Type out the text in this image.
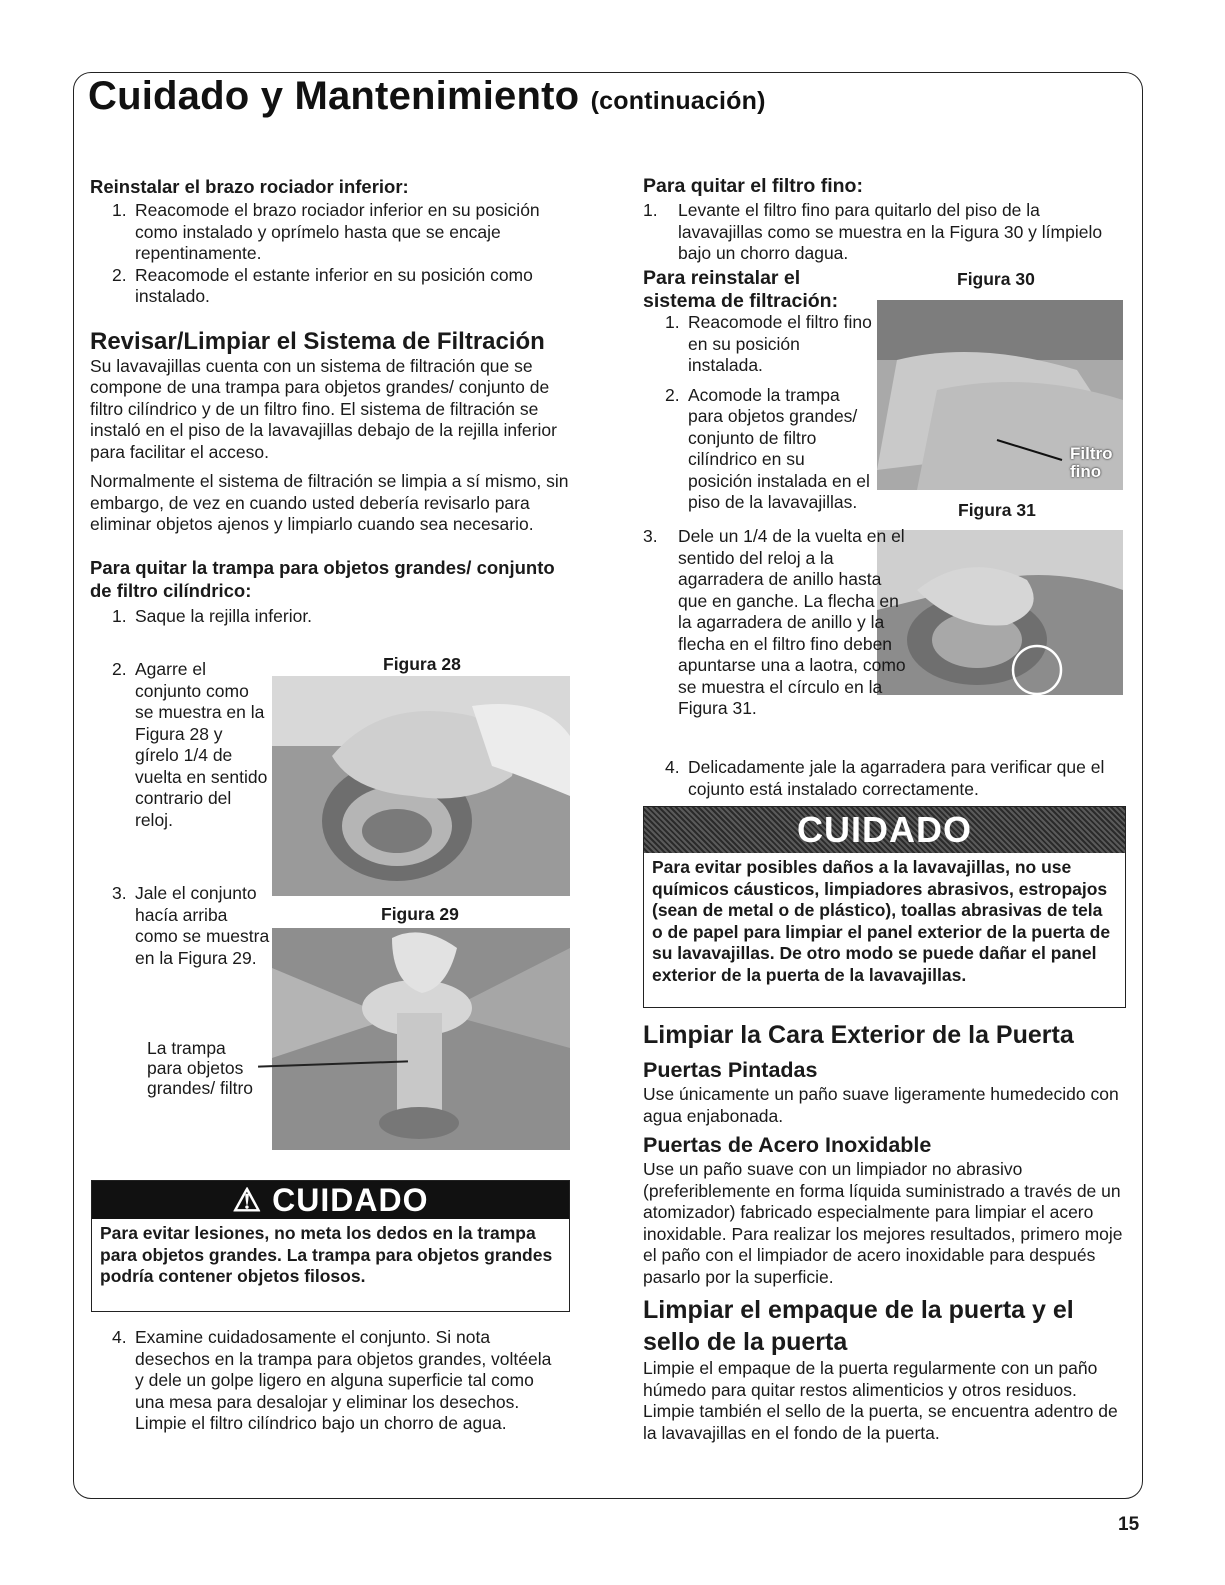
Cuidado y Mantenimiento (continuación)

Reinstalar el brazo rociador inferior:

1. Reacomode el brazo rociador inferior en su posición como instalado y oprímelo hasta que se encaje repentinamente.
2. Reacomode el estante inferior en su posición como instalado.
Revisar/Limpiar el Sistema de Filtración

Su lavavajillas cuenta con un sistema de filtración que se compone de una trampa para objetos grandes/ conjunto de filtro cilíndrico y de un filtro fino. El sistema de filtración se instaló en el piso de la lavavajillas debajo de la rejilla inferior para facilitar el acceso.

Normalmente el sistema de filtración se limpia a sí mismo, sin embargo, de vez en cuando usted debería revisarlo para eliminar objetos ajenos y limpiarlo cuando sea necesario.

Para quitar la trampa para objetos grandes/ conjunto de filtro cilíndrico:

1. Saque la rejilla inferior.
2. Agarre el conjunto como se muestra en la Figura 28 y gírelo 1/4 de vuelta en sentido contrario del reloj.
Figura 28
3. Jale el conjunto hacía arriba como se muestra en la Figura 29.
Figura 29
La trampa para objetos grandes/ filtro
⚠ CUIDADO
Para evitar lesiones, no meta los dedos en la trampa para objetos grandes. La trampa para objetos grandes podría contener objetos filosos.
4. Examine cuidadosamente el conjunto. Si nota desechos en la trampa para objetos grandes, voltéela y dele un golpe ligero en alguna superficie tal como una mesa para desalojar y eliminar los desechos. Limpie el filtro cilíndrico bajo un chorro de agua.

Para quitar el filtro fino:

1. Levante el filtro fino para quitarlo del piso de la lavavajillas como se muestra en la Figura 30 y límpielo bajo un chorro dagua.

Para reinstalar el
sistema de filtración:

Figura 30
Filtro
fino
Figura 31
1. Reacomode el filtro fino en su posición instalada.
2. Acomode la trampa para objetos grandes/ conjunto de filtro cilíndrico en su posición instalada en el piso de la lavavajillas.
3. Dele un 1/4 de la vuelta en el sentido del reloj a la agarradera de anillo hasta que en ganche. La flecha en la agarradera de anillo y la flecha en el filtro fino deben apuntarse una a laotra, como se muestra el círculo en la Figura 31.
4. Delicadamente jale la agarradera para verificar que el cojunto está instalado correctamente.
CUIDADO
Para evitar posibles daños a la lavavajillas, no use químicos cáusticos, limpiadores abrasivos, estropajos (sean de metal o de plástico), toallas abrasivas de tela o de papel para limpiar el panel exterior de la puerta de su lavavajillas. De otro modo se puede dañar el panel exterior de la puerta de la lavavajillas.

Limpiar la Cara Exterior de la Puerta

Puertas Pintadas

Use únicamente un paño suave ligeramente humedecido con agua enjabonada.

Puertas de Acero Inoxidable

Use un paño suave con un limpiador no abrasivo (preferiblemente en forma líquida suministrado a través de un atomizador) fabricado especialmente para limpiar el acero inoxidable. Para realizar los mejores resultados, primero moje el paño con el limpiador de acero inoxidable para después pasarlo por la superficie.

Limpiar el empaque de la puerta y el sello de la puerta

Limpie el empaque de la puerta regularmente con un paño húmedo para quitar restos alimenticios y otros residuos. Limpie también el sello de la puerta, se encuentra adentro de la lavavajillas en el fondo de la puerta.

15
